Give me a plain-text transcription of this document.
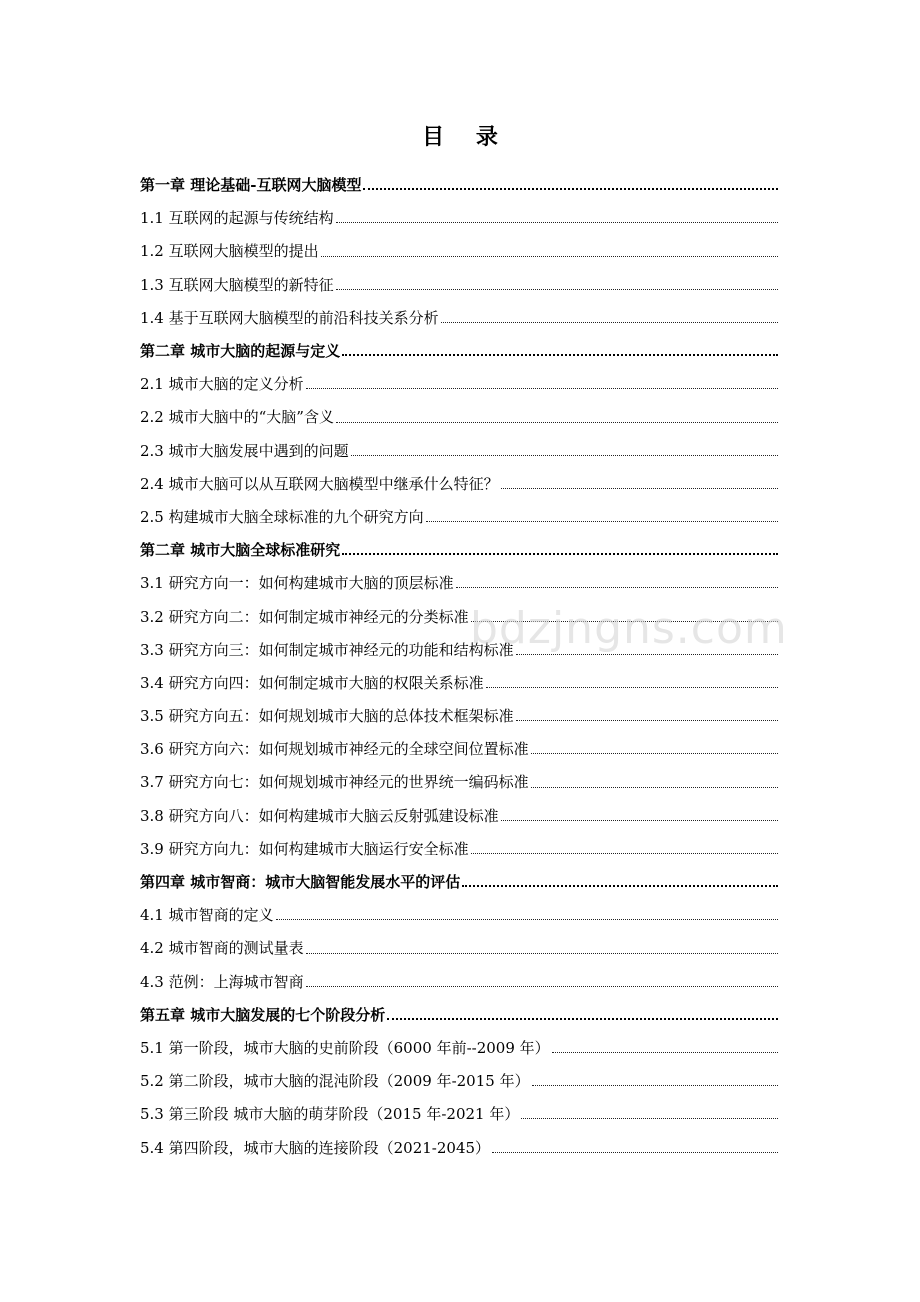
目 录
第一章 理论基础-互联网大脑模型
1.1 互联网的起源与传统结构
1.2 互联网大脑模型的提出
1.3 互联网大脑模型的新特征
1.4 基于互联网大脑模型的前沿科技关系分析
第二章 城市大脑的起源与定义
2.1 城市大脑的定义分析
2.2 城市大脑中的“大脑”含义
2.3 城市大脑发展中遇到的问题
2.4 城市大脑可以从互联网大脑模型中继承什么特征？
2.5 构建城市大脑全球标准的九个研究方向
第二章 城市大脑全球标准研究
3.1 研究方向一：如何构建城市大脑的顶层标准
3.2 研究方向二：如何制定城市神经元的分类标准
3.3 研究方向三：如何制定城市神经元的功能和结构标准
3.4 研究方向四：如何制定城市大脑的权限关系标准
3.5 研究方向五：如何规划城市大脑的总体技术框架标准
3.6 研究方向六：如何规划城市神经元的全球空间位置标准
3.7 研究方向七：如何规划城市神经元的世界统一编码标准
3.8 研究方向八：如何构建城市大脑云反射弧建设标准
3.9 研究方向九：如何构建城市大脑运行安全标准
第四章 城市智商：城市大脑智能发展水平的评估
4.1 城市智商的定义
4.2 城市智商的测试量表
4.3 范例：上海城市智商
第五章 城市大脑发展的七个阶段分析
5.1 第一阶段，城市大脑的史前阶段（6000 年前--2009 年）
5.2 第二阶段，城市大脑的混沌阶段（2009 年-2015 年）
5.3 第三阶段 城市大脑的萌芽阶段（2015 年-2021 年）
5.4 第四阶段，城市大脑的连接阶段（2021-2045）
bdzjngns.com
